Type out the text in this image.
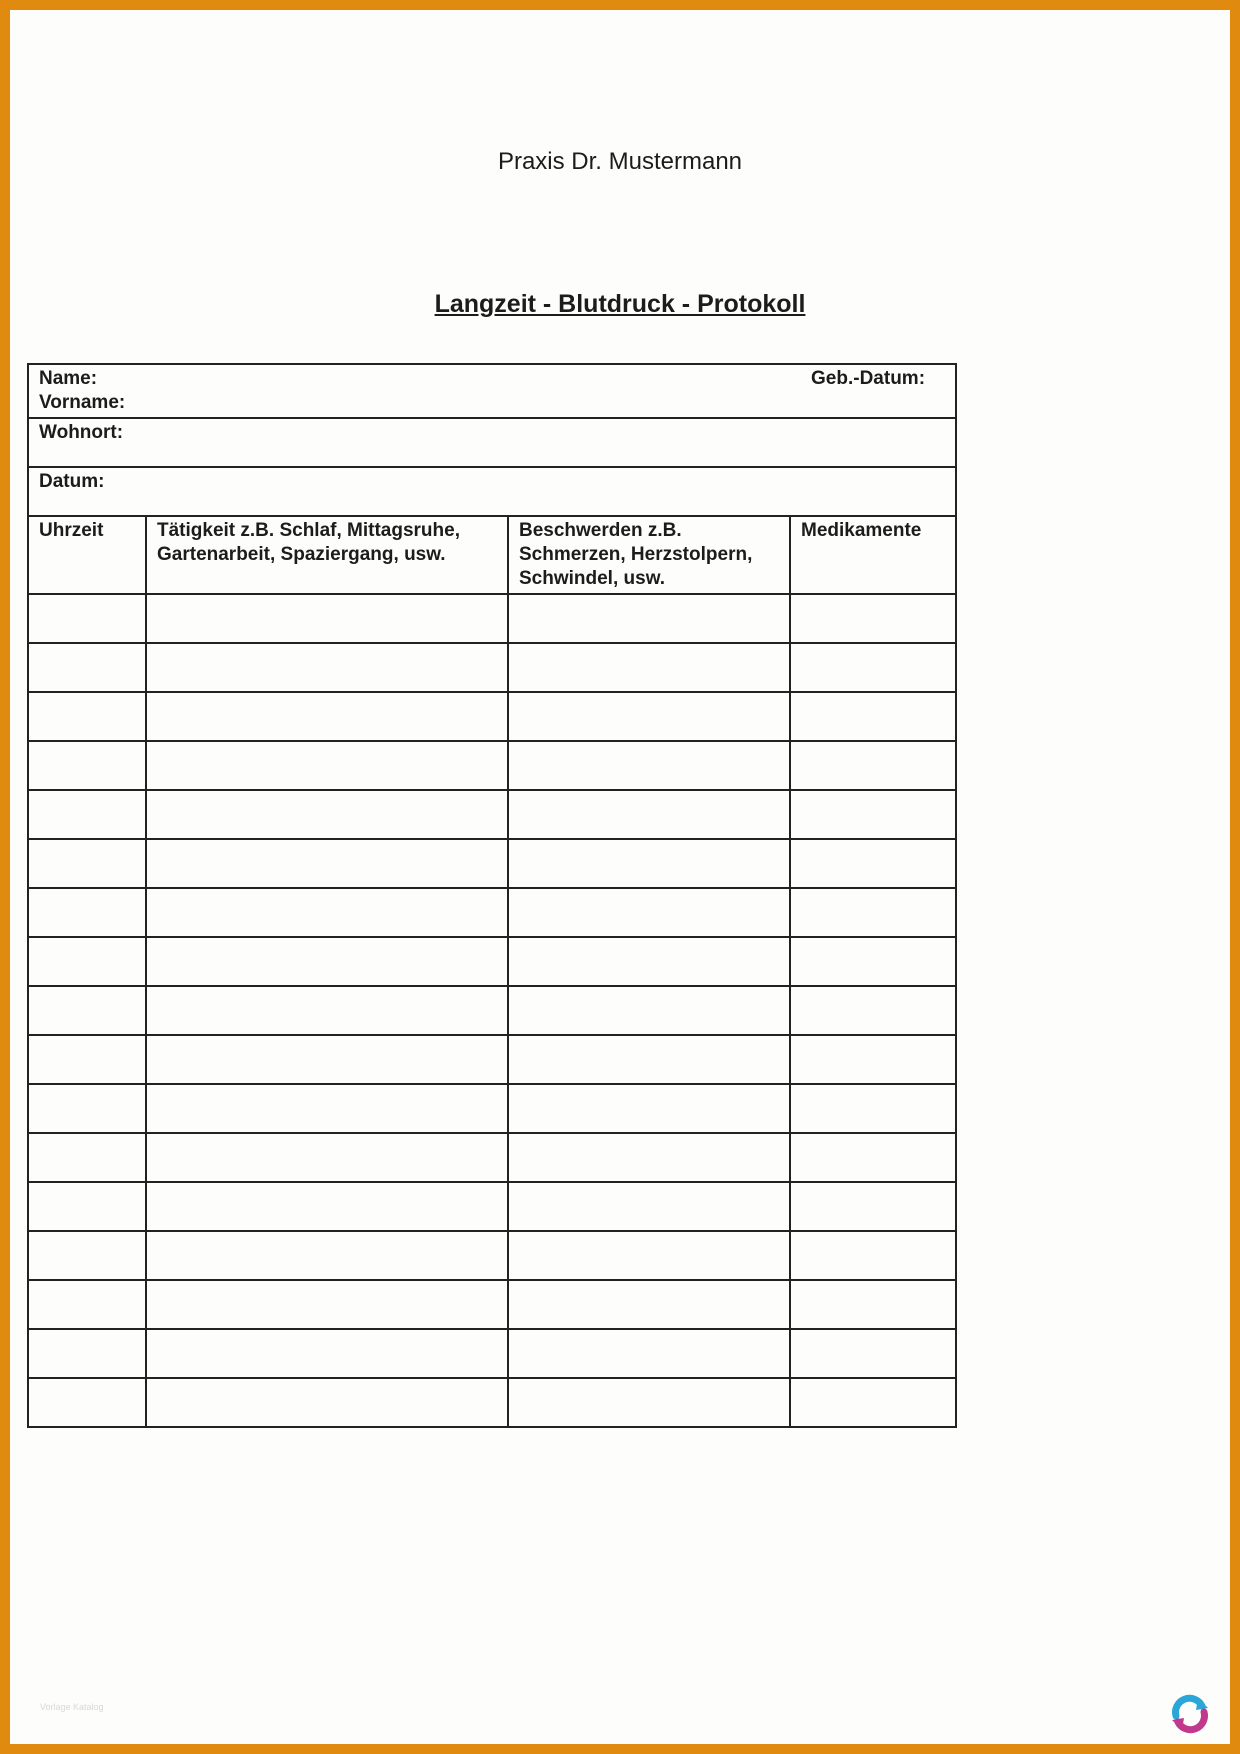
Praxis Dr. Mustermann
Langzeit - Blutdruck - Protokoll
Name: Geb.-Datum:
Vorname:			

Wohnort:			
Datum:			
Uhrzeit	Tätigkeit z.B. Schlaf, Mittagsruhe, Gartenarbeit, Spaziergang, usw.	Beschwerden z.B. Schmerzen, Herzstolpern, Schwindel, usw.	Medikamente

Vorlage Katalog
